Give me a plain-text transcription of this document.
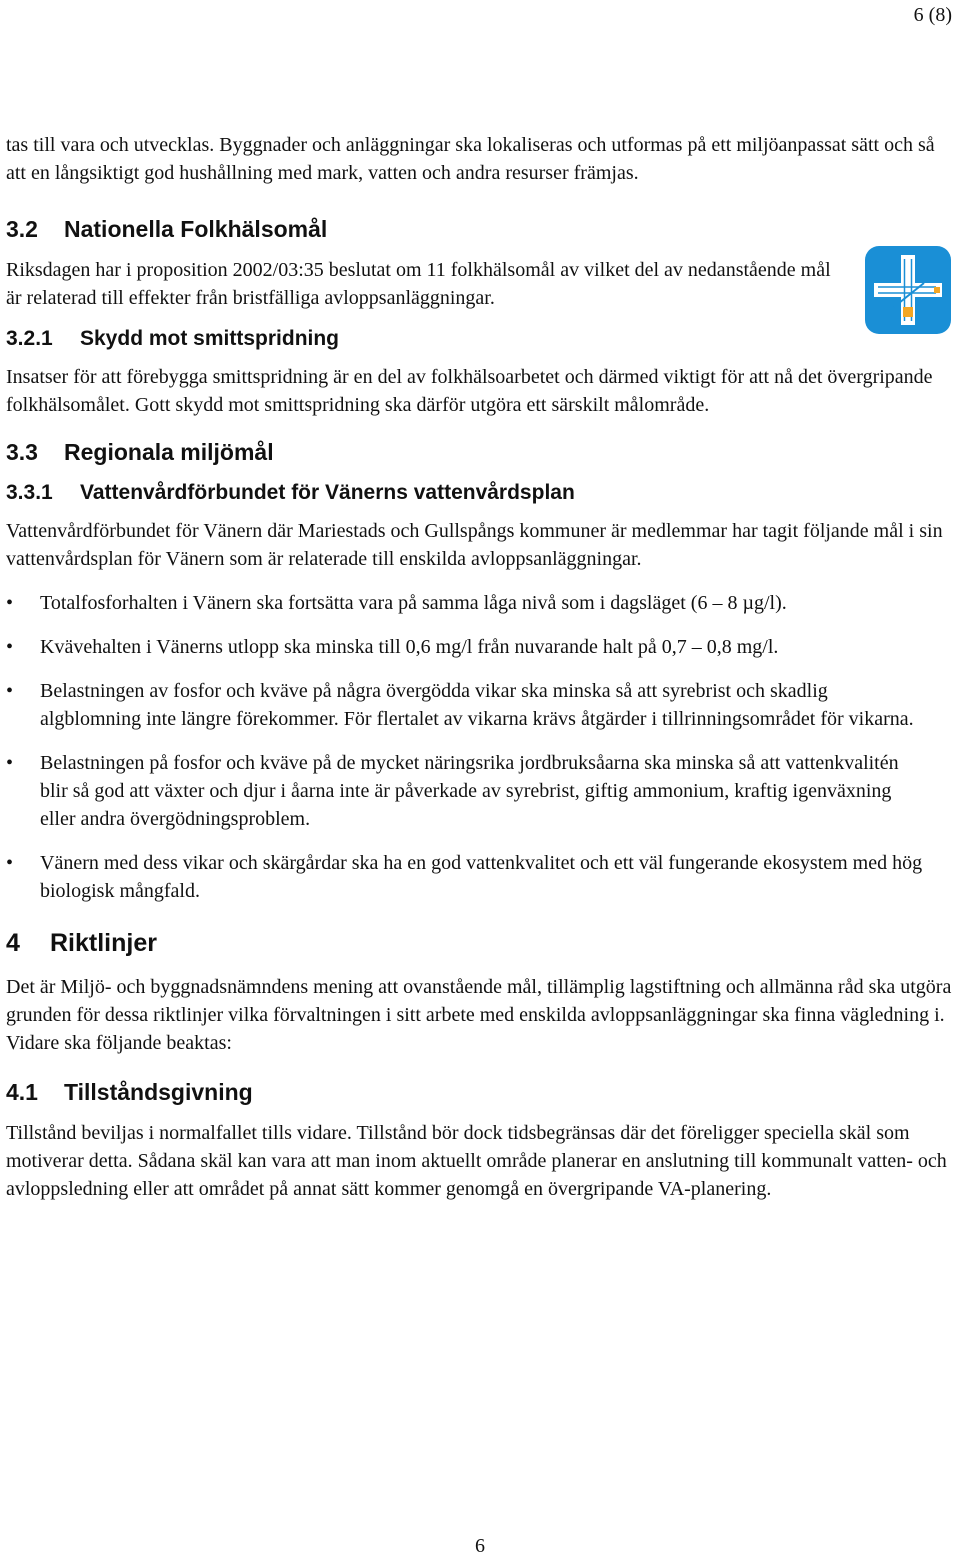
6 (8)

tas till vara och utvecklas. Byggnader och anläggningar ska lokaliseras och utformas på ett miljöanpassat sätt och så att en långsiktigt god hushållning med mark, vatten och andra resurser främjas.

3.2 Nationella Folkhälsomål

Riksdagen har i proposition 2002/03:35 beslutat om 11 folkhälsomål av vilket del av nedanstående mål är relaterad till effekter från bristfälliga avloppsanläggningar.

3.2.1 Skydd mot smittspridning

Insatser för att förebygga smittspridning är en del av folkhälsoarbetet och därmed viktigt för att nå det övergripande folkhälsomålet. Gott skydd mot smittspridning ska därför utgöra ett särskilt målområde.

3.3 Regionala miljömål
3.3.1 Vattenvårdförbundet för Vänerns vattenvårdsplan

Vattenvårdförbundet för Vänern där Mariestads och Gullspångs kommuner är medlemmar har tagit följande mål i sin vattenvårdsplan för Vänern som är relaterade till enskilda avloppsanläggningar.

• Totalfosforhalten i Vänern ska fortsätta vara på samma låga nivå som i dagsläget (6 – 8 µg/l).
• Kvävehalten i Vänerns utlopp ska minska till 0,6 mg/l från nuvarande halt på 0,7 – 0,8 mg/l.
• Belastningen av fosfor och kväve på några övergödda vikar ska minska så att syrebrist och skadlig algblomning inte längre förekommer. För flertalet av vikarna krävs åtgärder i tillrinningsområdet för vikarna.
• Belastningen på fosfor och kväve på de mycket näringsrika jordbruksåarna ska minska så att vattenkvalitén blir så god att växter och djur i åarna inte är påverkade av syrebrist, giftig ammonium, kraftig igenväxning eller andra övergödningsproblem.
• Vänern med dess vikar och skärgårdar ska ha en god vattenkvalitet och ett väl fungerande ekosystem med hög biologisk mångfald.
4 Riktlinjer

Det är Miljö- och byggnadsnämndens mening att ovanstående mål, tillämplig lagstiftning och allmänna råd ska utgöra grunden för dessa riktlinjer vilka förvaltningen i sitt arbete med enskilda avloppsanläggningar ska finna vägledning i. Vidare ska följande beaktas:

4.1 Tillståndsgivning

Tillstånd beviljas i normalfallet tills vidare. Tillstånd bör dock tidsbegränsas där det föreligger speciella skäl som motiverar detta. Sådana skäl kan vara att man inom aktuellt område planerar en anslutning till kommunalt vatten- och avloppsledning eller att området på annat sätt kommer genomgå en övergripande VA-planering.

6
